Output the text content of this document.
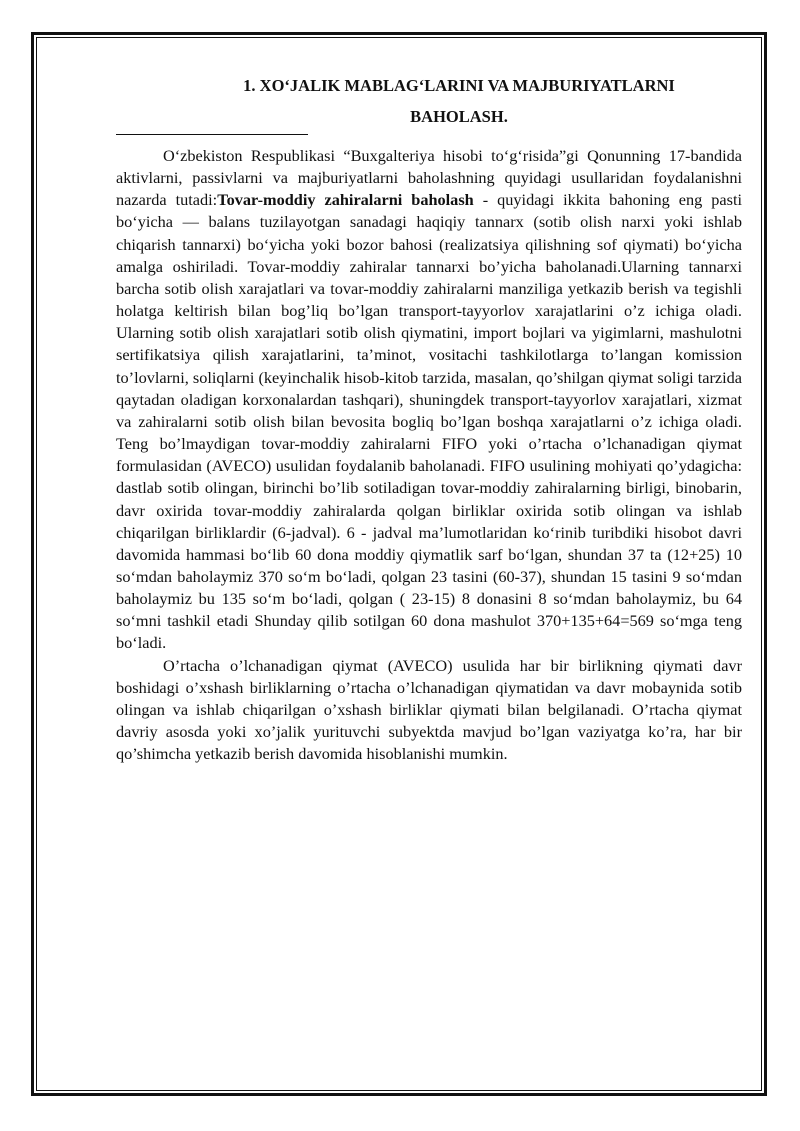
1. XO‘JALIK MABLAG‘LARINI VA MAJBURIYATLARNI

BAHOLASH.

O‘zbekiston Respublikasi “Buxgalteriya hisobi to‘g‘risida”gi Qonunning 17-bandida aktivlarni, passivlarni va majburiyatlarni baholashning quyidagi usullaridan foydalanishni nazarda tutadi:Tovar-moddiy zahiralarni baholash - quyidagi ikkita bahoning eng pasti bo‘yicha — balans tuzilayotgan sanadagi haqiqiy tannarx (sotib olish narxi yoki ishlab chiqarish tannarxi) bo‘yicha yoki bozor bahosi (realizatsiya qilishning sof qiymati) bo‘yicha amalga oshiriladi. Tovar-moddiy zahiralar tannarxi bo’yicha baholanadi.Ularning tannarxi barcha sotib olish xarajatlari va tovar-moddiy zahiralarni manziliga yetkazib berish va tegishli holatga keltirish bilan bog’liq bo’lgan transport-tayyorlov xarajatlarini o’z ichiga oladi. Ularning sotib olish xarajatlari sotib olish qiymatini, import bojlari va yigimlarni, mashulotni sertifikatsiya qilish xarajatlarini, ta’minot, vositachi tashkilotlarga to’langan komission to’lovlarni, soliqlarni (keyinchalik hisob-kitob tarzida, masalan, qo’shilgan qiymat soligi tarzida qaytadan oladigan korxonalardan tashqari), shuningdek transport-tayyorlov xarajatlari, xizmat va zahiralarni sotib olish bilan bevosita bogliq bo’lgan boshqa xarajatlarni o’z ichiga oladi. Teng bo’lmaydigan tovar-moddiy zahiralarni FIFO yoki o’rtacha o’lchanadigan qiymat formulasidan (AVECO) usulidan foydalanib baholanadi. FIFO usulining mohiyati qo’ydagicha: dastlab sotib olingan, birinchi bo’lib sotiladigan tovar-moddiy zahiralarning birligi, binobarin, davr oxirida tovar-moddiy zahiralarda qolgan birliklar oxirida sotib olingan va ishlab chiqarilgan birliklardir (6-jadval). 6 - jadval ma’lumotlaridan ko‘rinib turibdiki hisobot davri davomida hammasi bo‘lib 60 dona moddiy qiymatlik sarf bo‘lgan, shundan 37 ta (12+25) 10 so‘mdan baholaymiz 370 so‘m bo‘ladi, qolgan 23 tasini (60-37), shundan 15 tasini 9 so‘mdan baholaymiz bu 135 so‘m bo‘ladi, qolgan ( 23-15) 8 donasini 8 so‘mdan baholaymiz, bu 64 so‘mni tashkil etadi Shunday qilib sotilgan 60 dona mashulot 370+135+64=569 so‘mga teng bo‘ladi.

O’rtacha o’lchanadigan qiymat (AVECO) usulida har bir birlikning qiymati davr boshidagi o’xshash birliklarning o’rtacha o’lchanadigan qiymatidan va davr mobaynida sotib olingan va ishlab chiqarilgan o’xshash birliklar qiymati bilan belgilanadi. O’rtacha qiymat davriy asosda yoki xo’jalik yurituvchi subyektda mavjud bo’lgan vaziyatga ko’ra, har bir qo’shimcha yetkazib berish davomida hisoblanishi mumkin.
